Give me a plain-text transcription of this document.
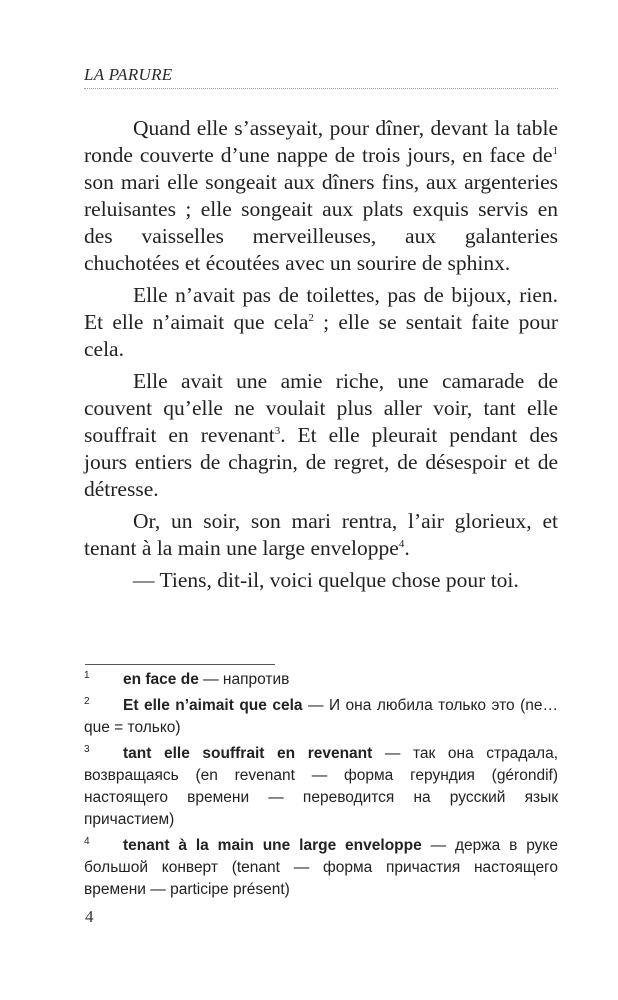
LA PARURE

Quand elle s’asseyait, pour dîner, devant la table ronde couverte d’une nappe de trois jours, en face de$^1$ son mari elle songeait aux dîners fins, aux argenteries reluisantes ; elle songeait aux plats exquis servis en des vaisselles merveilleuses, aux galanteries chuchotées et écoutées avec un sourire de sphinx.

Elle n’avait pas de toilettes, pas de bijoux, rien. Et elle n’aimait que cela$^2$ ; elle se sentait faite pour cela.

Elle avait une amie riche, une camarade de couvent qu’elle ne voulait plus aller voir, tant elle souffrait en revenant$^3$. Et elle pleurait pendant des jours entiers de chagrin, de regret, de désespoir et de détresse.

Or, un soir, son mari rentra, l’air glorieux, et tenant à la main une large enveloppe$^4$.

— Tiens, dit-il, voici quelque chose pour toi.

1 en face de — напротив
2 Et elle n’aimait que cela — И она любила только это (ne… que = только)
3 tant elle souffrait en revenant — так она страдала, возвращаясь (en revenant — форма герундия (gérondif) настоящего времени — переводится на русский язык причастием)
4 tenant à la main une large enveloppe — держа в руке большой конверт (tenant — форма причастия настоящего времени — participe présent)
4
